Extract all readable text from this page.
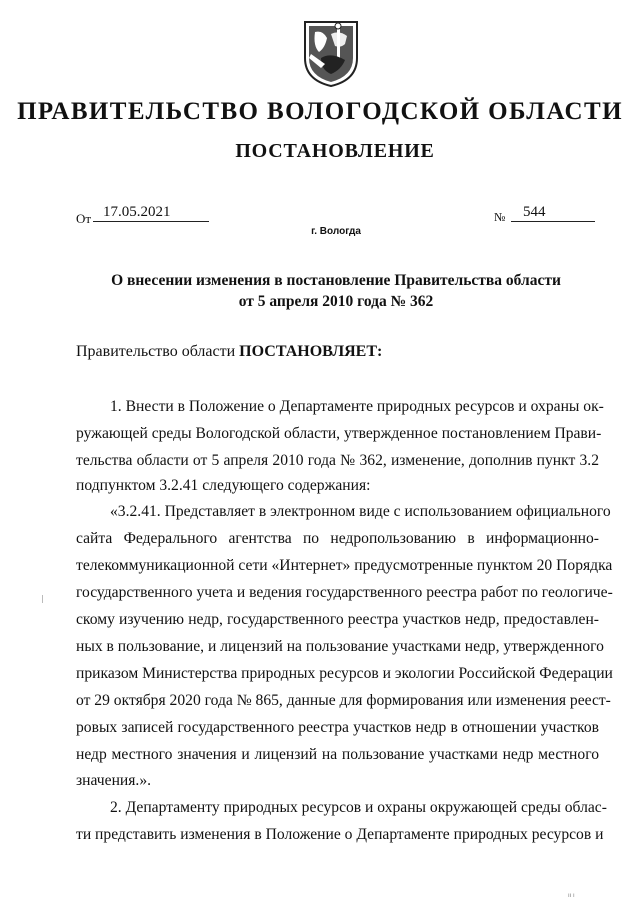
ПРАВИТЕЛЬСТВО ВОЛОГОДСКОЙ ОБЛАСТИ
ПОСТАНОВЛЕНИЕ
От 17.05.2021	№	544
г. Вологда
О внесении изменения в постановление Правительства области
от 5 апреля 2010 года № 362
Правительство области ПОСТАНОВЛЯЕТ:
1. Внести в Положение о Департаменте природных ресурсов и охраны ок-
ружающей среды Вологодской области, утвержденное постановлением Прави-
тельства области от 5 апреля 2010 года № 362, изменение, дополнив пункт 3.2
подпунктом 3.2.41 следующего содержания:
«3.2.41. Представляет в электронном виде с использованием официального
сайта Федерального агентства по недропользованию в информационно-
телекоммуникационной сети «Интернет» предусмотренные пунктом 20 Порядка
государственного учета и ведения государственного реестра работ по геологиче-
скому изучению недр, государственного реестра участков недр, предоставлен-
ных в пользование, и лицензий на пользование участками недр, утвержденного
приказом Министерства природных ресурсов и экологии Российской Федерации
от 29 октября 2020 года № 865, данные для формирования или изменения реест-
ровых записей государственного реестра участков недр в отношении участков
недр местного значения и лицензий на пользование участками недр местного
значения.».
2. Департаменту природных ресурсов и охраны окружающей среды облас-
ти представить изменения в Положение о Департаменте природных ресурсов и
ıı ı
